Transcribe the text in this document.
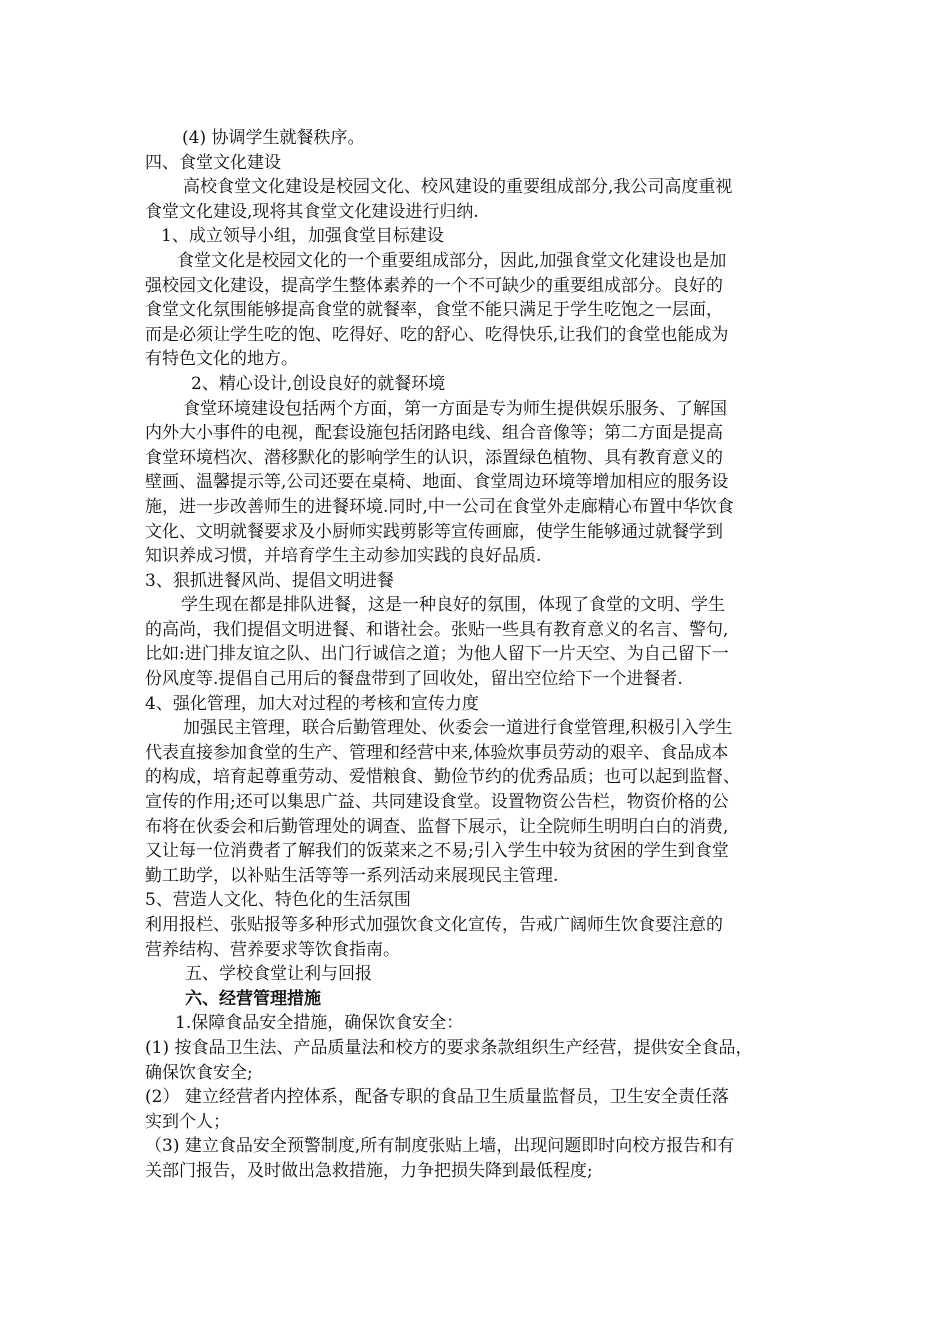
(4) 协调学生就餐秩序。
四、食堂文化建设
高校食堂文化建设是校园文化、校风建设的重要组成部分,我公司高度重视
食堂文化建设,现将其食堂文化建设进行归纳.
1、成立领导小组，加强食堂目标建设
食堂文化是校园文化的一个重要组成部分，因此,加强食堂文化建设也是加
强校园文化建设，提高学生整体素养的一个不可缺少的重要组成部分。良好的
食堂文化氛围能够提高食堂的就餐率，食堂不能只满足于学生吃饱之一层面，
而是必须让学生吃的饱、吃得好、吃的舒心、吃得快乐,让我们的食堂也能成为
有特色文化的地方。
2、精心设计,创设良好的就餐环境
食堂环境建设包括两个方面，第一方面是专为师生提供娱乐服务、了解国
内外大小事件的电视，配套设施包括闭路电线、组合音像等；第二方面是提高
食堂环境档次、潜移默化的影响学生的认识，添置绿色植物、具有教育意义的
壁画、温馨提示等,公司还要在桌椅、地面、食堂周边环境等增加相应的服务设
施，进一步改善师生的进餐环境.同时,中一公司在食堂外走廊精心布置中华饮食
文化、文明就餐要求及小厨师实践剪影等宣传画廊，使学生能够通过就餐学到
知识养成习惯，并培育学生主动参加实践的良好品质.
3、狠抓进餐风尚、提倡文明进餐
学生现在都是排队进餐，这是一种良好的氛围，体现了食堂的文明、学生
的高尚，我们提倡文明进餐、和谐社会。张贴一些具有教育意义的名言、警句,
比如:进门排友谊之队、出门行诚信之道；为他人留下一片天空、为自己留下一
份风度等.提倡自己用后的餐盘带到了回收处，留出空位给下一个进餐者.
4、强化管理，加大对过程的考核和宣传力度
加强民主管理，联合后勤管理处、伙委会一道进行食堂管理,积极引入学生
代表直接参加食堂的生产、管理和经营中来,体验炊事员劳动的艰辛、食品成本
的构成，培育起尊重劳动、爱惜粮食、勤俭节约的优秀品质；也可以起到监督、
宣传的作用;还可以集思广益、共同建设食堂。设置物资公告栏，物资价格的公
布将在伙委会和后勤管理处的调查、监督下展示，让全院师生明明白白的消费,
又让每一位消费者了解我们的饭菜来之不易;引入学生中较为贫困的学生到食堂
勤工助学，以补贴生活等等一系列活动来展现民主管理.
5、营造人文化、特色化的生活氛围
利用报栏、张贴报等多种形式加强饮食文化宣传，告戒广阔师生饮食要注意的
营养结构、营养要求等饮食指南。
五、学校食堂让利与回报
六、经营管理措施
1.保障食品安全措施，确保饮食安全：
(1) 按食品卫生法、产品质量法和校方的要求条款组织生产经营，提供安全食品，
确保饮食安全;
(2） 建立经营者内控体系，配备专职的食品卫生质量监督员，卫生安全责任落
实到个人；
（3) 建立食品安全预警制度,所有制度张贴上墙，出现问题即时向校方报告和有
关部门报告，及时做出急救措施，力争把损失降到最低程度;
